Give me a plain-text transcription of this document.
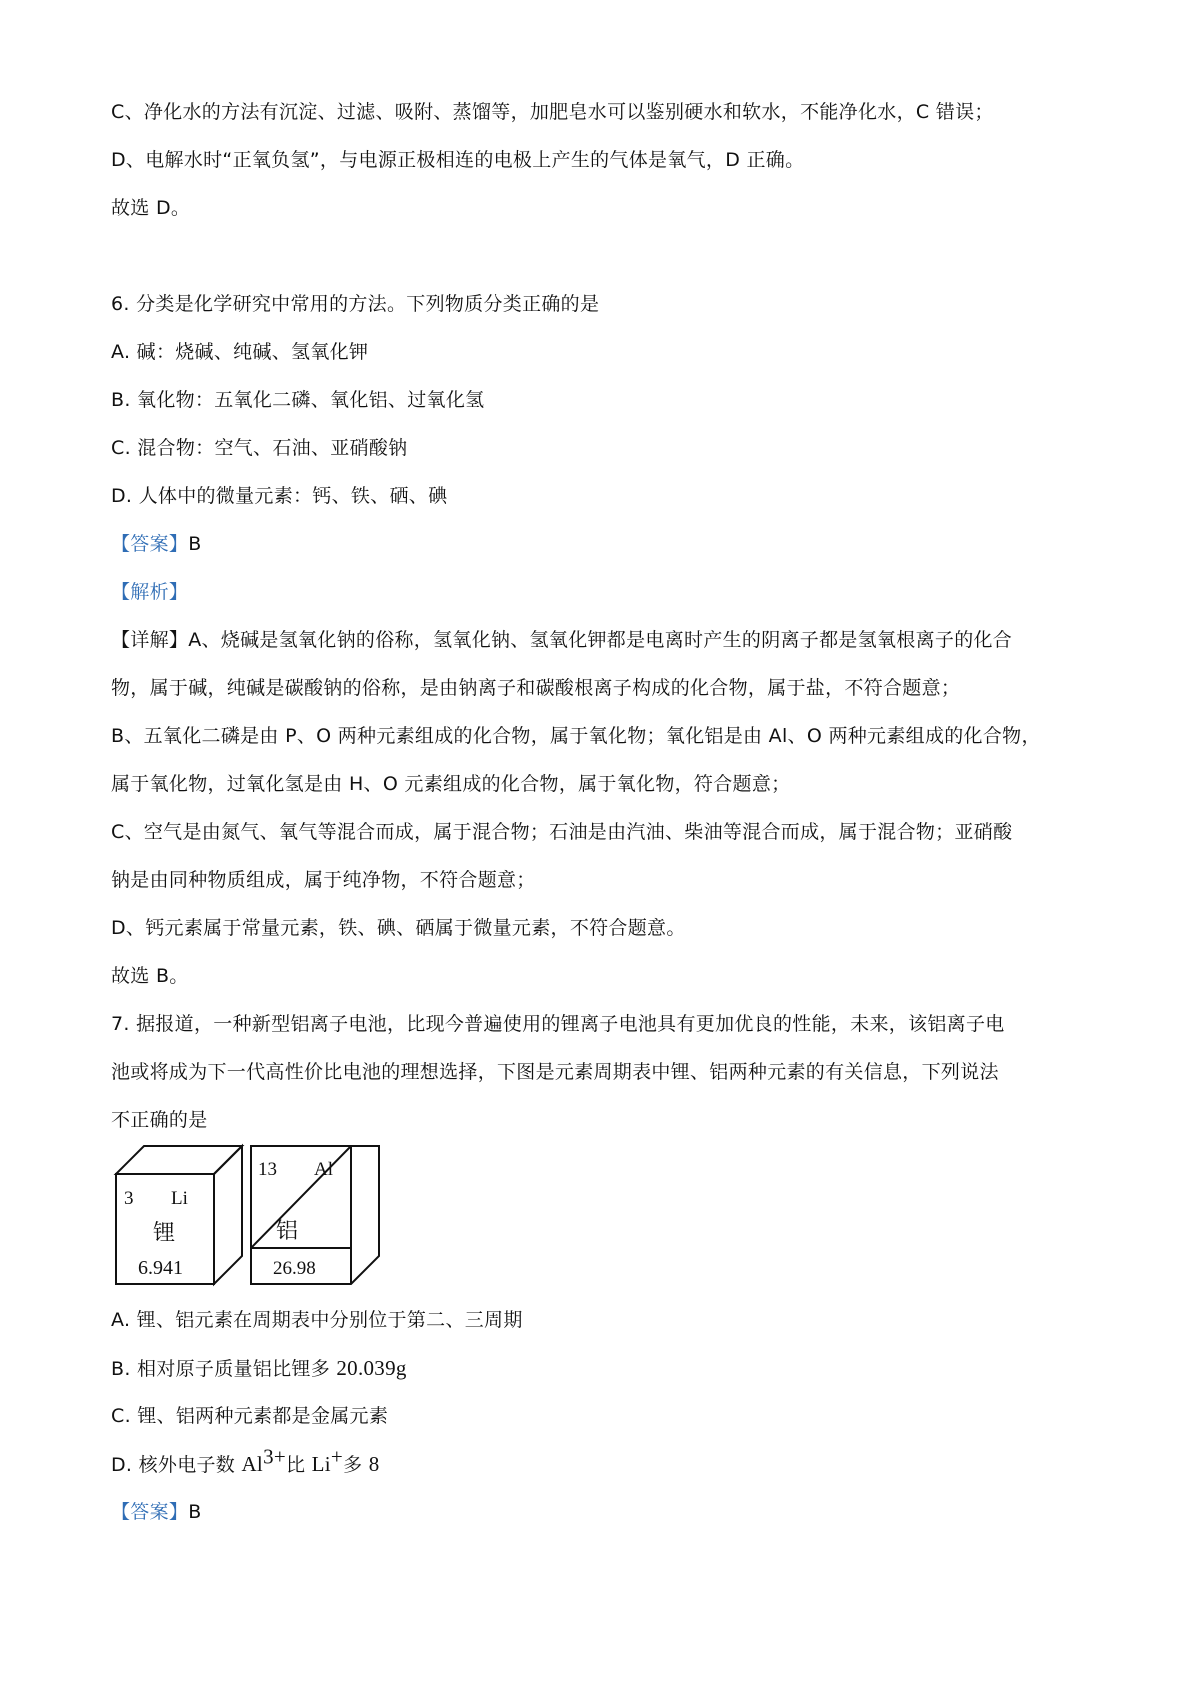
C、净化水的方法有沉淀、过滤、吸附、蒸馏等，加肥皂水可以鉴别硬水和软水，不能净化水，C 错误；
D、电解水时“正氧负氢”，与电源正极相连的电极上产生的气体是氧气，D 正确。
故选 D。
6. 分类是化学研究中常用的方法。下列物质分类正确的是
A. 碱：烧碱、纯碱、氢氧化钾
B. 氧化物：五氧化二磷、氧化铝、过氧化氢
C. 混合物：空气、石油、亚硝酸钠
D. 人体中的微量元素：钙、铁、硒、碘
【答案】B
【解析】
【详解】A、烧碱是氢氧化钠的俗称，氢氧化钠、氢氧化钾都是电离时产生的阴离子都是氢氧根离子的化合
物，属于碱，纯碱是碳酸钠的俗称，是由钠离子和碳酸根离子构成的化合物，属于盐，不符合题意；
B、五氧化二磷是由 P、O 两种元素组成的化合物，属于氧化物；氧化铝是由 Al、O 两种元素组成的化合物，
属于氧化物，过氧化氢是由 H、O 元素组成的化合物，属于氧化物，符合题意；
C、空气是由氮气、氧气等混合而成，属于混合物；石油是由汽油、柴油等混合而成，属于混合物；亚硝酸
钠是由同种物质组成，属于纯净物，不符合题意；
D、钙元素属于常量元素，铁、碘、硒属于微量元素，不符合题意。
故选 B。
7. 据报道，一种新型铝离子电池，比现今普遍使用的锂离子电池具有更加优良的性能，未来，该铝离子电
池或将成为下一代高性价比电池的理想选择，下图是元素周期表中锂、铝两种元素的有关信息，下列说法
不正确的是
3 Li
锂
6.941
13 Al
铝
26.98
A. 锂、铝元素在周期表中分别位于第二、三周期
B. 相对原子质量铝比锂多 20.039g
C. 锂、铝两种元素都是金属元素
D. 核外电子数 $Al^{3+}$比 Li+多 8
【答案】B
